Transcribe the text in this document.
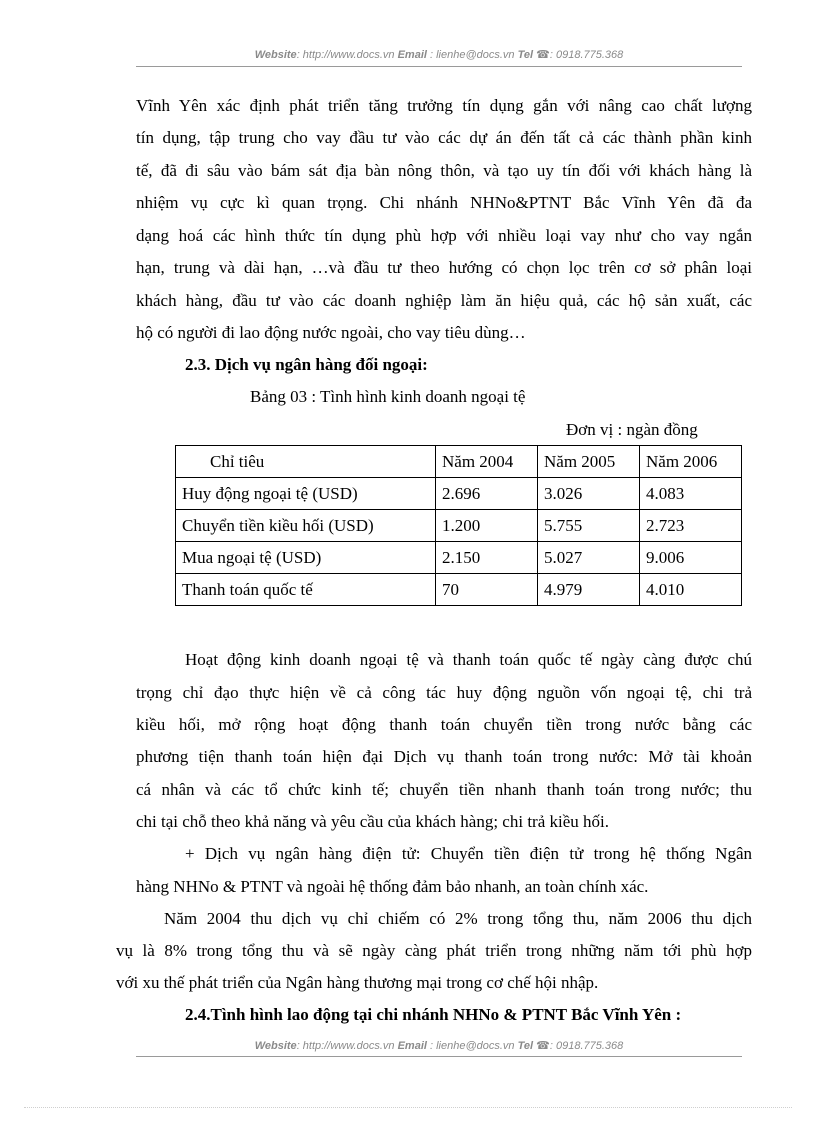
Website: http://www.docs.vn Email : lienhe@docs.vn Tel ☎: 0918.775.368
Vĩnh Yên xác định phát triển tăng trưởng tín dụng gắn với nâng cao chất lượng
tín dụng, tập trung cho vay đầu tư vào các dự án đến tất cả các thành phần kinh
tế, đã đi sâu vào bám sát địa bàn nông thôn, và tạo uy tín đối với khách hàng là
nhiệm vụ cực kì quan trọng. Chi nhánh NHNo&PTNT Bắc Vĩnh Yên đã đa
dạng hoá các hình thức tín dụng phù hợp với nhiều loại vay như cho vay ngắn
hạn, trung và dài hạn, …và đầu tư theo hướng có chọn lọc trên cơ sở phân loại
khách hàng, đầu tư vào các doanh nghiệp làm ăn hiệu quả, các hộ sản xuất, các
hộ có người đi lao động nước ngoài, cho vay tiêu dùng…
2.3. Dịch vụ ngân hàng đối ngoại:
Bảng 03 : Tình hình kinh doanh ngoại tệ
Đơn vị : ngàn đồng
Chỉ tiêu	Năm 2004	Năm 2005	Năm 2006
Huy động ngoại tệ (USD)	2.696	3.026	4.083
Chuyển tiền kiều hối (USD)	1.200	5.755	2.723
Mua ngoại tệ (USD)	2.150	5.027	9.006
Thanh toán quốc tế	70	4.979	4.010
Hoạt động kinh doanh ngoại tệ và thanh toán quốc tế ngày càng được chú
trọng chỉ đạo thực hiện về cả công tác huy động nguồn vốn ngoại tệ, chi trả
kiều hối, mở rộng hoạt động thanh toán chuyển tiền trong nước bằng các
phương tiện thanh toán hiện đại Dịch vụ thanh toán trong nước: Mở tài khoản
cá nhân và các tổ chức kinh tế; chuyển tiền nhanh thanh toán trong nước; thu
chi tại chỗ theo khả năng và yêu cầu của khách hàng; chi trả kiều hối.
+ Dịch vụ ngân hàng điện tử: Chuyển tiền điện tử trong hệ thống Ngân
hàng NHNo & PTNT và ngoài hệ thống đảm bảo nhanh, an toàn chính xác.
Năm 2004 thu dịch vụ chỉ chiếm có 2% trong tổng thu, năm 2006 thu dịch
vụ là 8% trong tổng thu và sẽ ngày càng phát triển trong những năm tới phù hợp
với xu thế phát triển của Ngân hàng thương mại trong cơ chế hội nhập.
2.4.Tình hình lao động tại chi nhánh NHNo & PTNT Bắc Vĩnh Yên :
Website: http://www.docs.vn Email : lienhe@docs.vn Tel ☎: 0918.775.368
